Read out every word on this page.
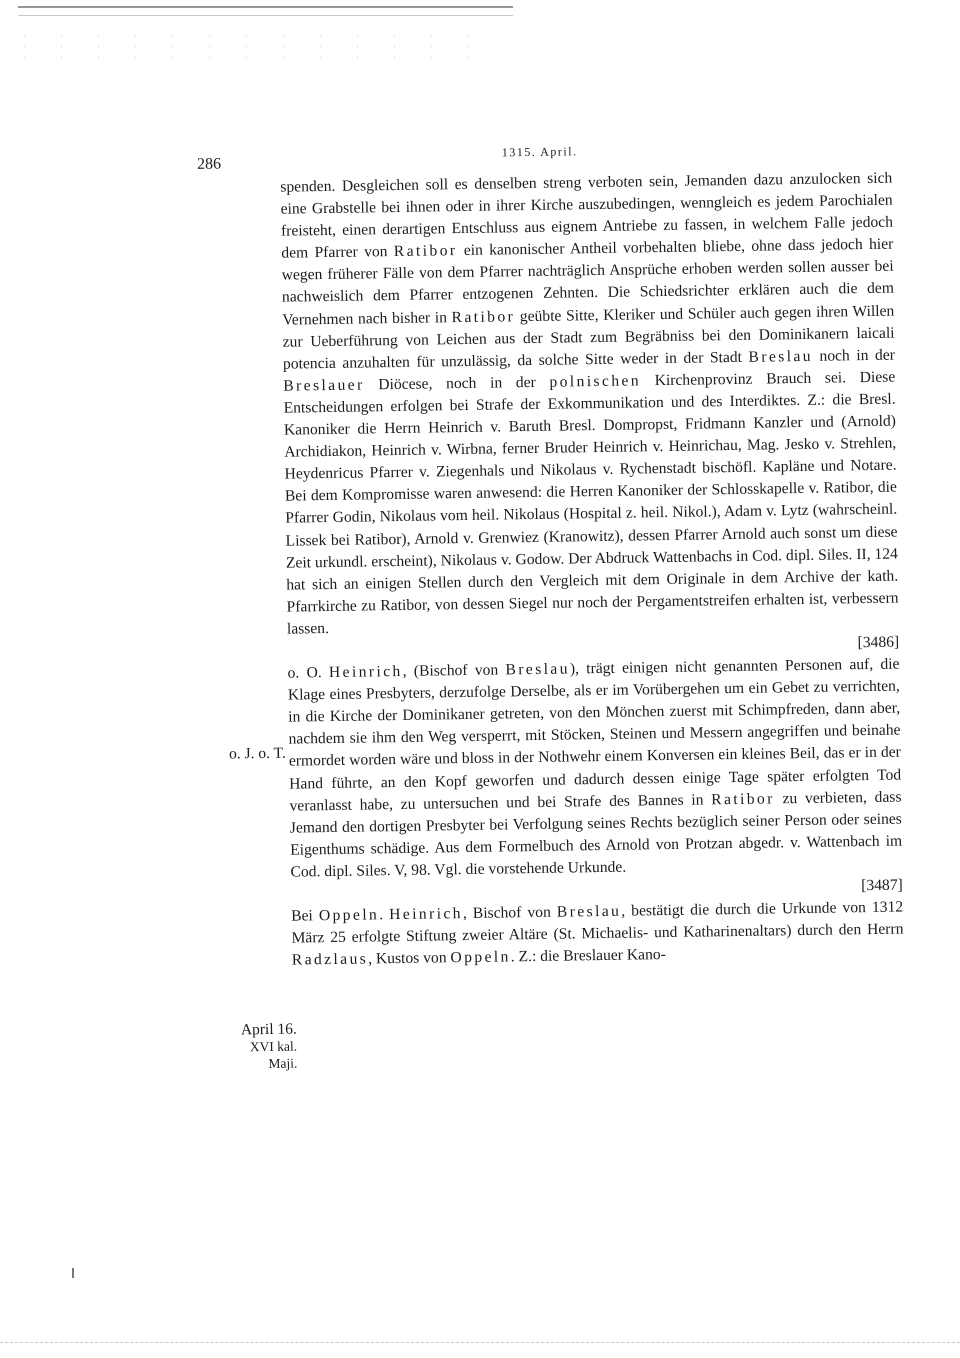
286
1315. April.
o. J. o. T.
April 16.
XVI kal.
Maji.

spenden. Desgleichen soll es denselben streng verboten sein, Jemanden dazu anzulocken sich eine Grabstelle bei ihnen oder in ihrer Kirche auszubedingen, wenngleich es jedem Parochialen freisteht, einen derartigen Entschluss aus eignem Antriebe zu fassen, in welchem Falle jedoch dem Pfarrer von Ratibor ein kanonischer Antheil vorbehalten bliebe, ohne dass jedoch hier wegen früherer Fälle von dem Pfarrer nachträglich Ansprüche erhoben werden sollen ausser bei nachweislich dem Pfarrer entzogenen Zehnten. Die Schiedsrichter erklären auch die dem Vernehmen nach bisher in Ratibor geübte Sitte, Kleriker und Schüler auch gegen ihren Willen zur Ueberführung von Leichen aus der Stadt zum Begräbniss bei den Dominikanern laicali potencia anzuhalten für unzulässig, da solche Sitte weder in der Stadt Breslau noch in der Breslauer Diöcese, noch in der polnischen Kirchenprovinz Brauch sei. Diese Entscheidungen erfolgen bei Strafe der Exkommunikation und des Interdiktes. Z.: die Bresl. Kanoniker die Herrn Heinrich v. Baruth Bresl. Dompropst, Fridmann Kanzler und (Arnold) Archidiakon, Heinrich v. Wirbna, ferner Bruder Heinrich v. Heinrichau, Mag. Jesko v. Strehlen, Heydenricus Pfarrer v. Ziegenhals und Nikolaus v. Rychenstadt bischöfl. Kapläne und Notare. Bei dem Kompromisse waren anwesend: die Herren Kanoniker der Schlosskapelle v. Ratibor, die Pfarrer Godin, Nikolaus vom heil. Nikolaus (Hospital z. heil. Nikol.), Adam v. Lytz (wahrscheinl. Lissek bei Ratibor), Arnold v. Grenwiez (Kranowitz), dessen Pfarrer Arnold auch sonst um diese Zeit urkundl. erscheint), Nikolaus v. Godow. Der Abdruck Wattenbachs in Cod. dipl. Siles. II, 124 hat sich an einigen Stellen durch den Vergleich mit dem Originale in dem Archive der kath. Pfarrkirche zu Ratibor, von dessen Siegel nur noch der Pergamentstreifen erhalten ist, verbessern lassen.
[3486]

o. O. Heinrich, (Bischof von Breslau), trägt einigen nicht genannten Personen auf, die Klage eines Presbyters, derzufolge Derselbe, als er im Vorübergehen um ein Gebet zu verrichten, in die Kirche der Dominikaner getreten, von den Mönchen zuerst mit Schimpfreden, dann aber, nachdem sie ihm den Weg versperrt, mit Stöcken, Steinen und Messern angegriffen und beinahe ermordet worden wäre und bloss in der Nothwehr einem Konversen ein kleines Beil, das er in der Hand führte, an den Kopf geworfen und dadurch dessen einige Tage später erfolgten Tod veranlasst habe, zu untersuchen und bei Strafe des Bannes in Ratibor zu verbieten, dass Jemand den dortigen Presbyter bei Verfolgung seines Rechts bezüglich seiner Person oder seines Eigenthums schädige. Aus dem Formelbuch des Arnold von Protzan abgedr. v. Wattenbach im Cod. dipl. Siles. V, 98. Vgl. die vorstehende Urkunde.
[3487]

Bei Oppeln. Heinrich, Bischof von Breslau, bestätigt die durch die Urkunde von 1312 März 25 erfolgte Stiftung zweier Altäre (St. Michaelis- und Katharinenaltars) durch den Herrn Radzlaus, Kustos von Oppeln. Z.: die Breslauer Kano-
